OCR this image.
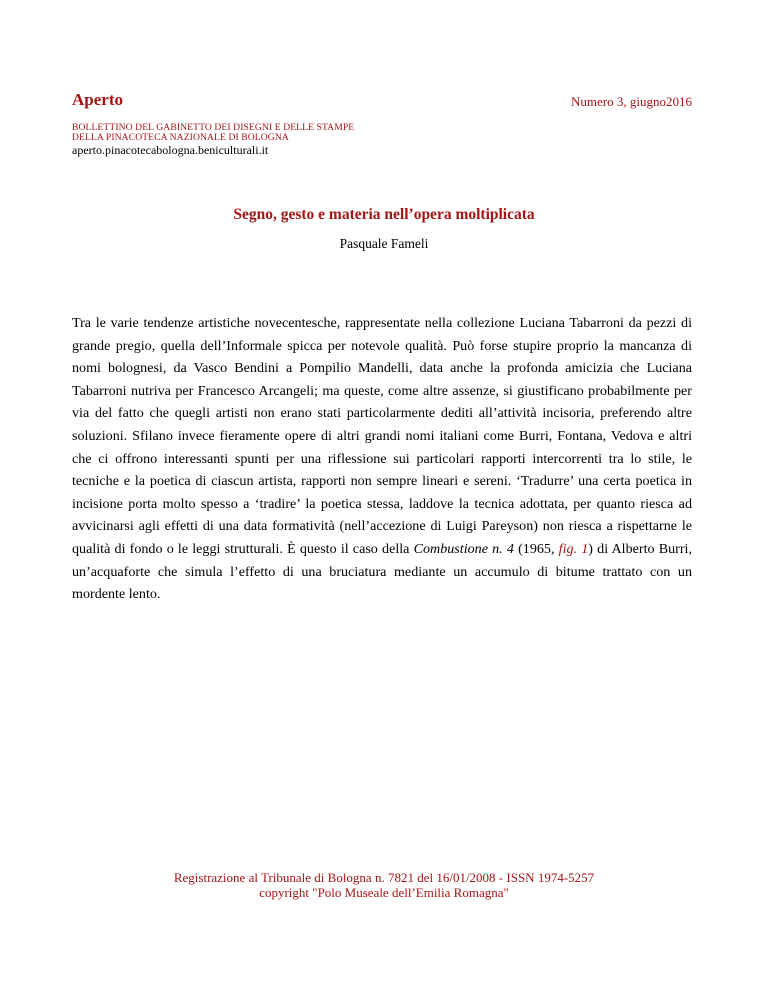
Aperto	Numero 3, giugno2016
BOLLETTINO DEL GABINETTO DEI DISEGNI E DELLE STAMPE
DELLA PINACOTECA NAZIONALE DI BOLOGNA
aperto.pinacotecabologna.beniculturali.it
Segno, gesto e materia nell’opera moltiplicata
Pasquale Fameli

Tra le varie tendenze artistiche novecentesche, rappresentate nella collezione Luciana Tabarroni da pezzi di grande pregio, quella dell’Informale spicca per notevole qualità. Può forse stupire proprio la mancanza di nomi bolognesi, da Vasco Bendini a Pompilio Mandelli, data anche la profonda amicizia che Luciana Tabarroni nutriva per Francesco Arcangeli; ma queste, come altre assenze, si giustificano probabilmente per via del fatto che quegli artisti non erano stati particolarmente dediti all’attività incisoria, preferendo altre soluzioni. Sfilano invece fieramente opere di altri grandi nomi italiani come Burri, Fontana, Vedova e altri che ci offrono interessanti spunti per una riflessione sui particolari rapporti intercorrenti tra lo stile, le tecniche e la poetica di ciascun artista, rapporti non sempre lineari e sereni. ‘Tradurre’ una certa poetica in incisione porta molto spesso a ‘tradire’ la poetica stessa, laddove la tecnica adottata, per quanto riesca ad avvicinarsi agli effetti di una data formatività (nell’accezione di Luigi Pareyson) non riesca a rispettarne le qualità di fondo o le leggi strutturali. È questo il caso della Combustione n. 4 (1965, fig. 1) di Alberto Burri, un’acquaforte che simula l’effetto di una bruciatura mediante un accumulo di bitume trattato con un mordente lento.

Registrazione al Tribunale di Bologna n. 7821 del 16/01/2008 - ISSN 1974-5257
copyright "Polo Museale dell’Emilia Romagna"
